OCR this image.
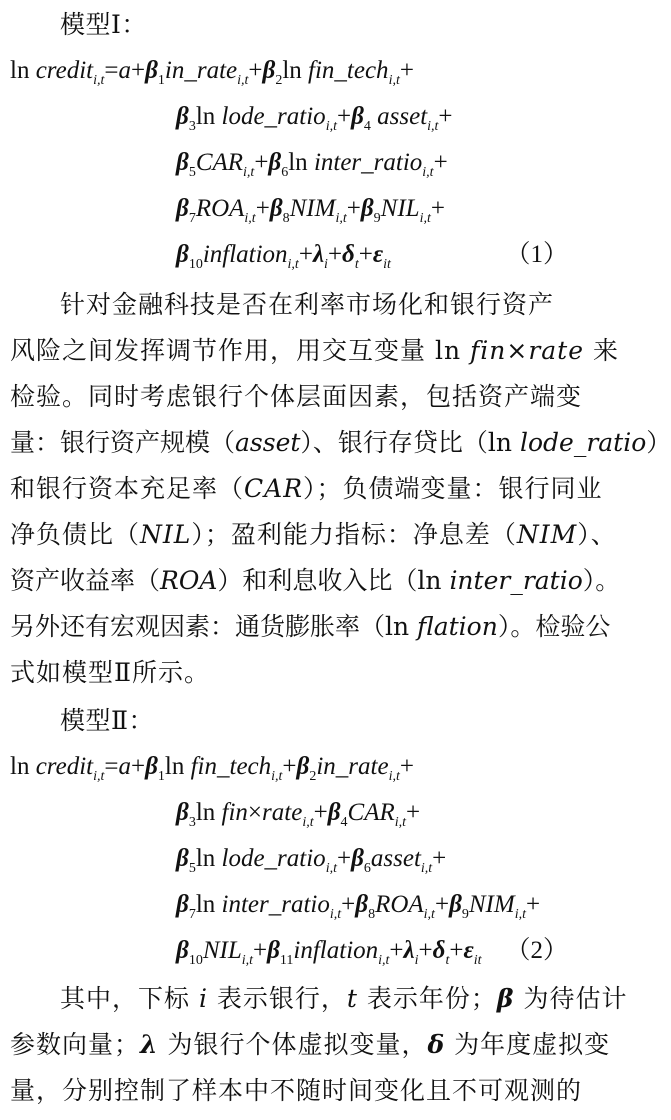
模型Ⅰ：
$\ln credit_{i,t}=a+\beta_1in\_rate_{i,t}+\beta_2\ln$ fin_tech$_{i,t}$+
$\beta_3\ln$ $lode\_ratio_{i,t}+\beta_4$ asset$_{i,t}$+
$\beta_5CAR_{i,t}+\beta_6\ln$ inter_ratio$_{i,t}$+
$\beta_7ROA_{i,t}+\beta_8NIM_{i,t}+\beta_9NIL_{i,t}+$
$\beta_{10}inflation_{i,t}+\lambda_i+\delta_t+\varepsilon_{it}$	（1）
针对金融科技是否在利率市场化和银行资产
风险之间发挥调节作用，用交互变量 ln fin×rate 来
检验。同时考虑银行个体层面因素，包括资产端变
量：银行资产规模（asset）、银行存贷比（ln lode_ratio）
和银行资本充足率（CAR）；负债端变量：银行同业
净负债比（NIL）；盈利能力指标：净息差（NIM）、
资产收益率（ROA）和利息收入比（ln inter_ratio）。
另外还有宏观因素：通货膨胀率（ln flation）。检验公
式如模型Ⅱ所示。
模型Ⅱ：
$\ln credit_{i,t}=a+\beta_1\ln$ $fin\_tech_{i,t}+\beta_2in\_rate_{i,t}+$
$\beta_3\ln$ $fin\times rate_{i,t}+\beta_4CAR_{i,t}+$
$\beta_5\ln$ $lode\_ratio_{i,t}+\beta_6asset_{i,t}+$
$\beta_7\ln$ $inter\_ratio_{i,t}+\beta_8ROA_{i,t}+\beta_9NIM_{i,t}+$
$\beta_{10}NIL_{i,t}+\beta_{11}inflation_{i,t}+\lambda_i+\delta_t+\varepsilon_{it}$ （2）
其中，下标 i 表示银行，t 表示年份；β 为待估计
参数向量；λ 为银行个体虚拟变量，δ 为年度虚拟变
量，分别控制了样本中不随时间变化且不可观测的
